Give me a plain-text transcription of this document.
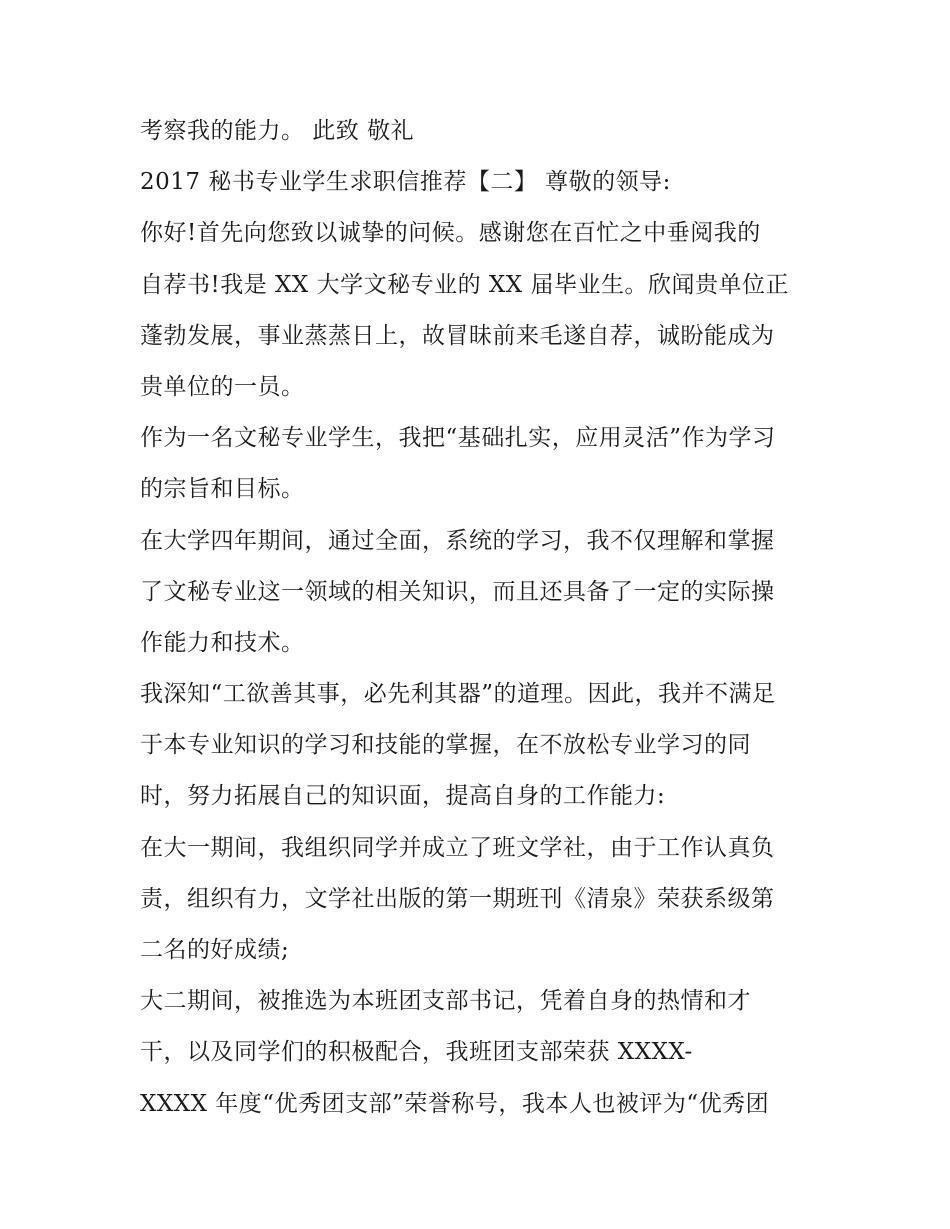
考察我的能力。 此致 敬礼
2017 秘书专业学生求职信推荐【二】 尊敬的领导:
你好!首先向您致以诚挚的问候。感谢您在百忙之中垂阅我的
自荐书!我是 XX 大学文秘专业的 XX 届毕业生。欣闻贵单位正
蓬勃发展，事业蒸蒸日上，故冒昧前来毛遂自荐，诚盼能成为
贵单位的一员。
作为一名文秘专业学生，我把“基础扎实，应用灵活”作为学习
的宗旨和目标。
在大学四年期间，通过全面，系统的学习，我不仅理解和掌握
了文秘专业这一领域的相关知识，而且还具备了一定的实际操
作能力和技术。
我深知“工欲善其事，必先利其器”的道理。因此，我并不满足
于本专业知识的学习和技能的掌握，在不放松专业学习的同
时，努力拓展自己的知识面，提高自身的工作能力:
在大一期间，我组织同学并成立了班文学社，由于工作认真负
责，组织有力，文学社出版的第一期班刊《清泉》荣获系级第
二名的好成绩;
大二期间，被推选为本班团支部书记，凭着自身的热情和才
干，以及同学们的积极配合，我班团支部荣获 XXXX-
XXXX 年度“优秀团支部”荣誉称号，我本人也被评为“优秀团
